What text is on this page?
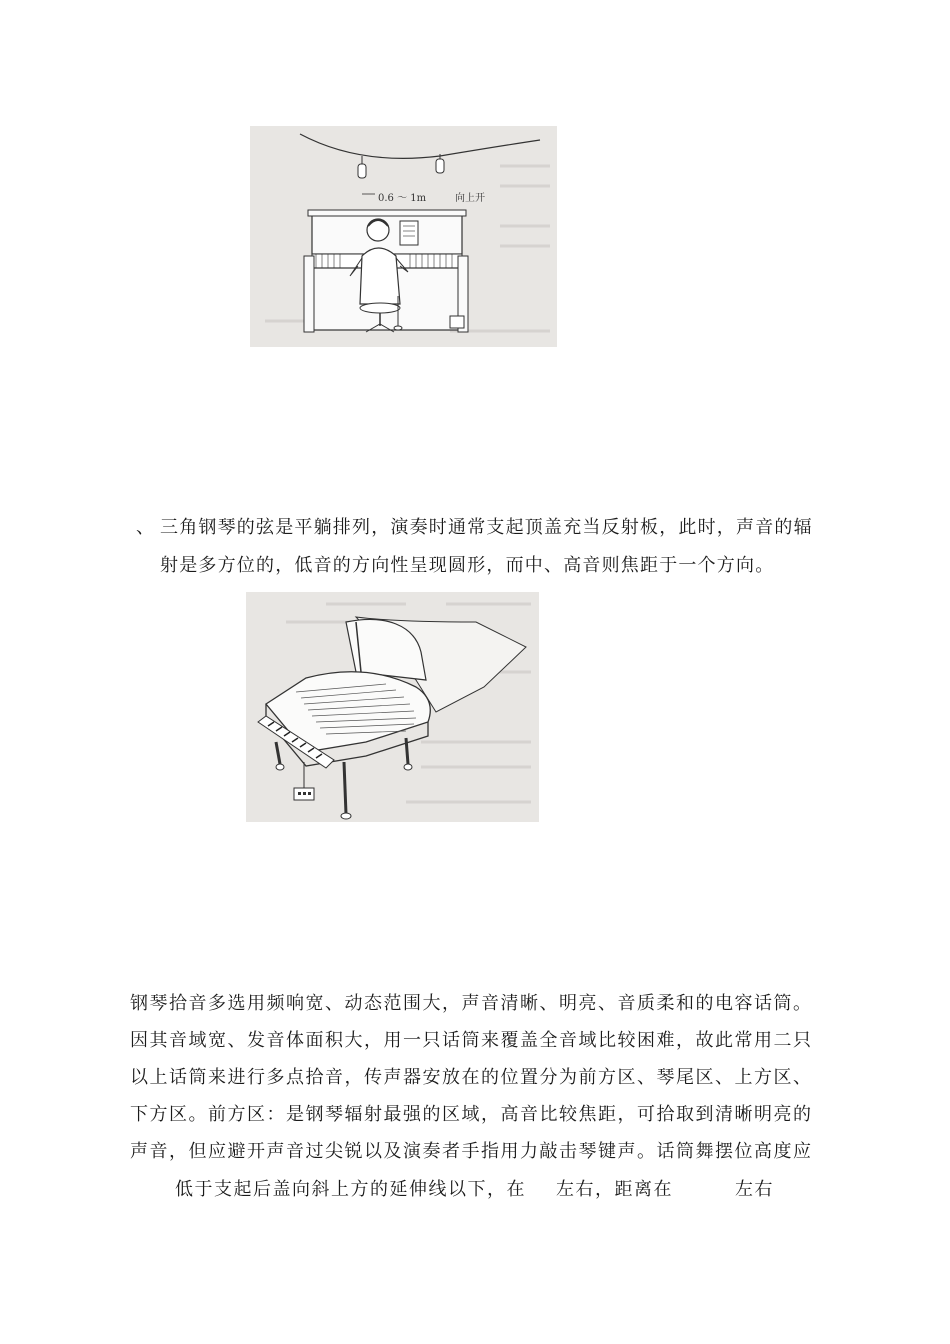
0.6 ～ 1m	向上开
、 三角钢琴的弦是平躺排列，演奏时通常支起顶盖充当反射板，此时，声音的辐
射是多方位的，低音的方向性呈现圆形，而中、高音则焦距于一个方向。
钢琴拾音多选用频响宽、动态范围大，声音清晰、明亮、音质柔和的电容话筒。
因其音域宽、发音体面积大，用一只话筒来覆盖全音域比较困难，故此常用二只
以上话筒来进行多点拾音，传声器安放在的位置分为前方区、琴尾区、上方区、
下方区。前方区：是钢琴辐射最强的区域，高音比较焦距，可拾取到清晰明亮的
声音，但应避开声音过尖锐以及演奏者手指用力敲击琴键声。话筒舞摆位高度应
低于支起后盖向斜上方的延伸线以下，在 左右，距离在	左右
